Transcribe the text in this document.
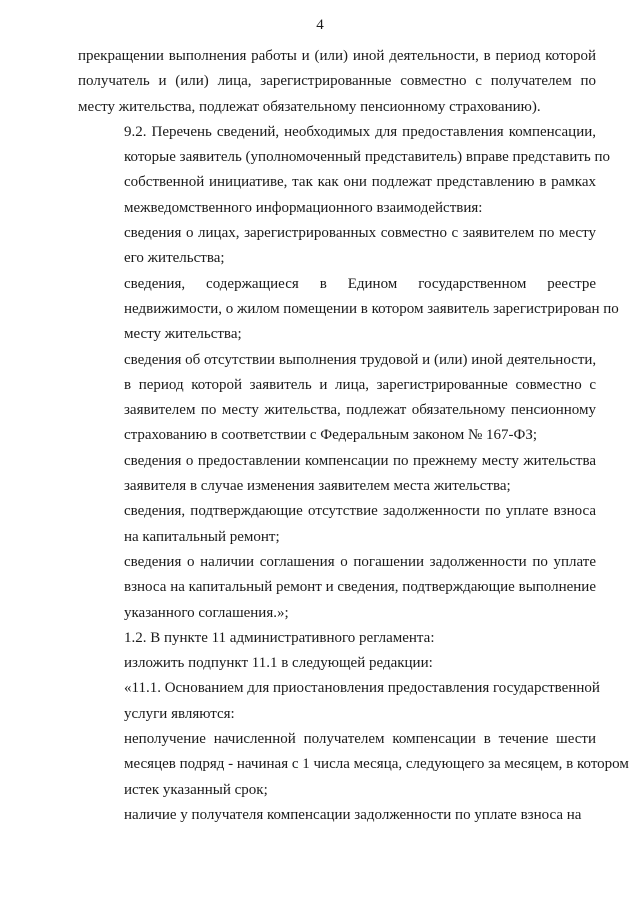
4

прекращении выполнения работы и (или) иной деятельности, в период которой
получатель и (или) лица, зарегистрированные совместно с получателем по
месту жительства, подлежат обязательному пенсионному страхованию).

9.2. Перечень сведений, необходимых для предоставления компенсации,
которые заявитель (уполномоченный представитель) вправе представить по
собственной инициативе, так как они подлежат представлению в рамках
межведомственного информационного взаимодействия:

сведения о лицах, зарегистрированных совместно с заявителем по месту
его жительства;

сведения, содержащиеся в Едином государственном реестре
недвижимости, о жилом помещении в котором заявитель зарегистрирован по
месту жительства;

сведения об отсутствии выполнения трудовой и (или) иной деятельности,
в период которой заявитель и лица, зарегистрированные совместно с
заявителем по месту жительства, подлежат обязательному пенсионному
страхованию в соответствии с Федеральным законом № 167-ФЗ;

сведения о предоставлении компенсации по прежнему месту жительства
заявителя в случае изменения заявителем места жительства;

сведения, подтверждающие отсутствие задолженности по уплате взноса
на капитальный ремонт;

сведения о наличии соглашения о погашении задолженности по уплате
взноса на капитальный ремонт и сведения, подтверждающие выполнение
указанного соглашения.»;

1.2. В пункте 11 административного регламента:

изложить подпункт 11.1 в следующей редакции:

«11.1. Основанием для приостановления предоставления государственной
услуги являются:

неполучение начисленной получателем компенсации в течение шести
месяцев подряд - начиная с 1 числа месяца, следующего за месяцем, в котором
истек указанный срок;

наличие у получателя компенсации задолженности по уплате взноса на
